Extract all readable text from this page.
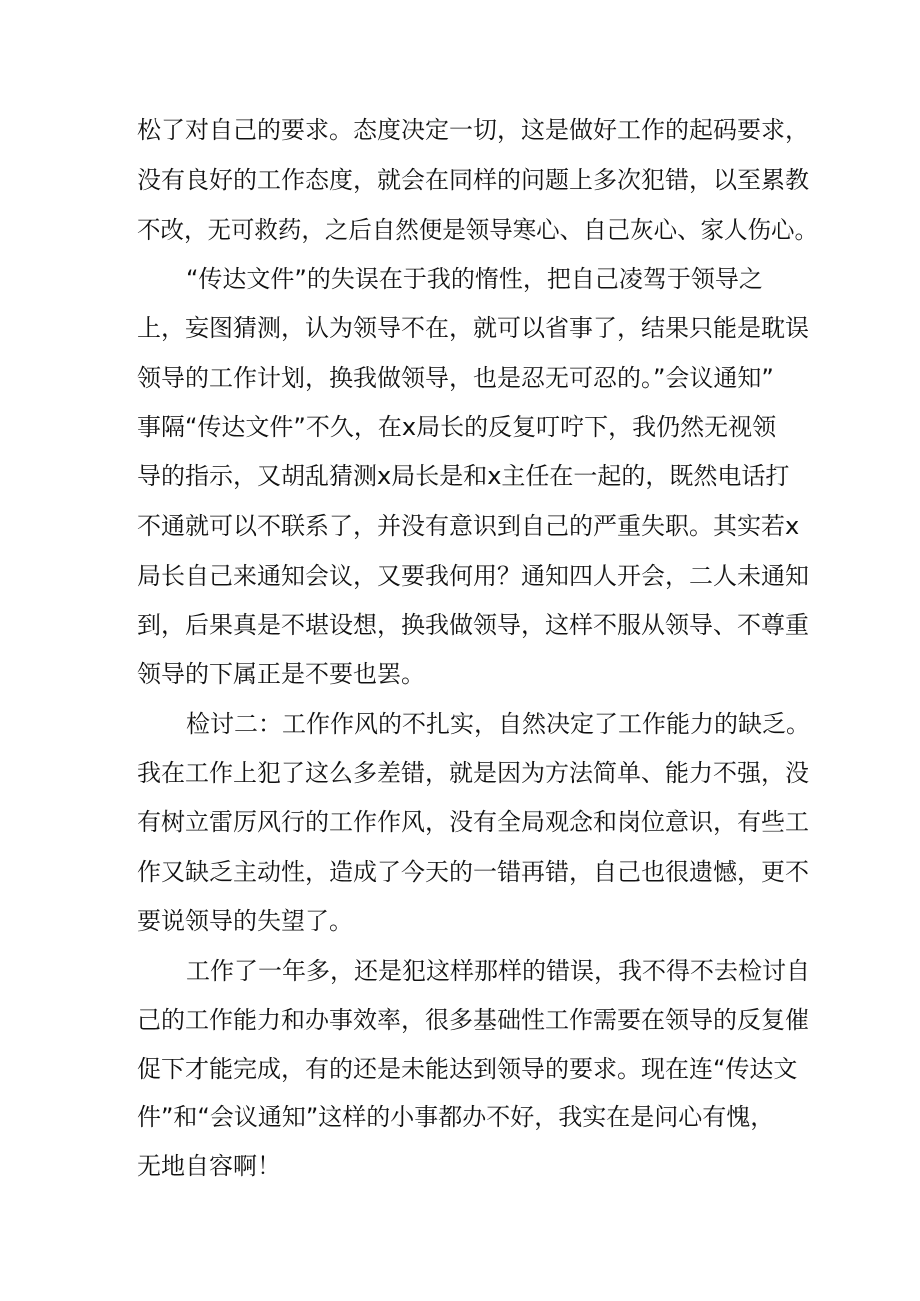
松了对自己的要求。态度决定一切，这是做好工作的起码要求，

没有良好的工作态度，就会在同样的问题上多次犯错，以至累教

不改，无可救药，之后自然便是领导寒心、自己灰心、家人伤心。

“传达文件”的失误在于我的惰性，把自己凌驾于领导之

上，妄图猜测，认为领导不在，就可以省事了，结果只能是耽误

领导的工作计划，换我做领导，也是忍无可忍的。”会议通知”

事隔“传达文件”不久，在x局长的反复叮咛下，我仍然无视领

导的指示，又胡乱猜测x局长是和x主任在一起的，既然电话打

不通就可以不联系了，并没有意识到自己的严重失职。其实若x

局长自己来通知会议，又要我何用？通知四人开会，二人未通知

到，后果真是不堪设想，换我做领导，这样不服从领导、不尊重

领导的下属正是不要也罢。

检讨二：工作作风的不扎实，自然决定了工作能力的缺乏。

我在工作上犯了这么多差错，就是因为方法简单、能力不强，没

有树立雷厉风行的工作作风，没有全局观念和岗位意识，有些工

作又缺乏主动性，造成了今天的一错再错，自己也很遗憾，更不

要说领导的失望了。

工作了一年多，还是犯这样那样的错误，我不得不去检讨自

己的工作能力和办事效率，很多基础性工作需要在领导的反复催

促下才能完成，有的还是未能达到领导的要求。现在连“传达文

件”和“会议通知”这样的小事都办不好，我实在是问心有愧，

无地自容啊！
